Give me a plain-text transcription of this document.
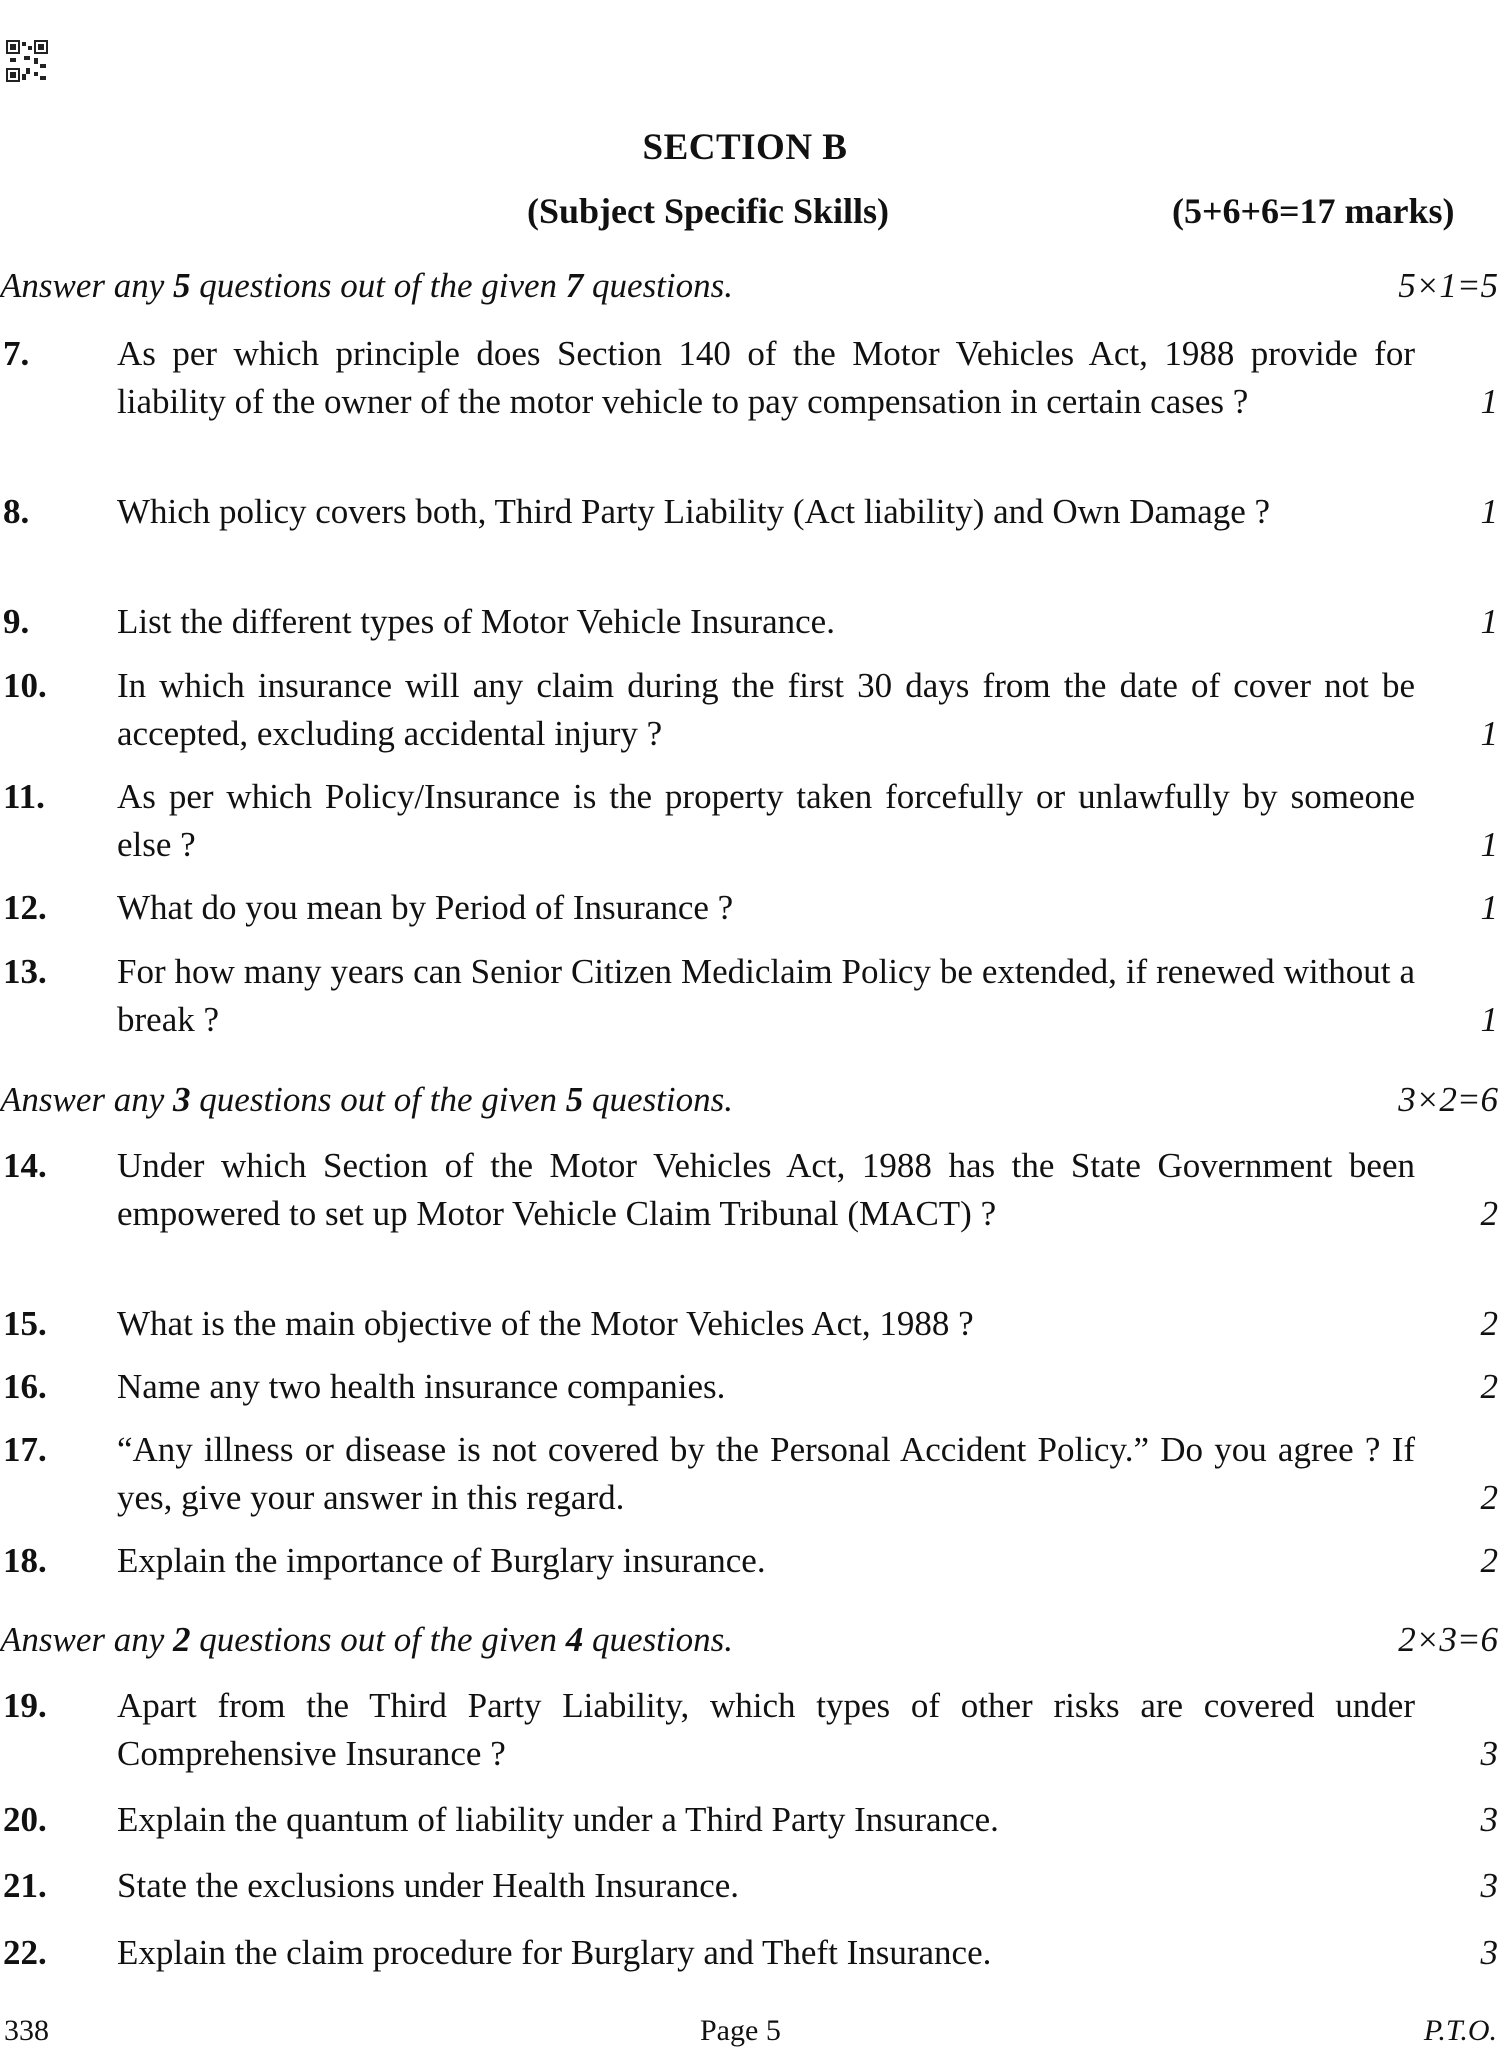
SECTION B
(Subject Specific Skills)	(5+6+6=17 marks)
Answer any 5 questions out of the given 7 questions.	5×1=5
7.	As per which principle does Section 140 of the Motor Vehicles Act, 1988 provide for liability of the owner of the motor vehicle to pay compensation in certain cases ?	1
8.	Which policy covers both, Third Party Liability (Act liability) and Own Damage ?	1
9.	List the different types of Motor Vehicle Insurance.	1
10. In which insurance will any claim during the first 30 days from the date of cover not be accepted, excluding accidental injury ?	1
11. As per which Policy/Insurance is the property taken forcefully or unlawfully by someone else ?	1
12. What do you mean by Period of Insurance ?	1
13. For how many years can Senior Citizen Mediclaim Policy be extended, if renewed without a break ?	1
Answer any 3 questions out of the given 5 questions.	3×2=6
14. Under which Section of the Motor Vehicles Act, 1988 has the State Government been empowered to set up Motor Vehicle Claim Tribunal (MACT) ?	2
15. What is the main objective of the Motor Vehicles Act, 1988 ?	2
16. Name any two health insurance companies.	2
17. “Any illness or disease is not covered by the Personal Accident Policy.” Do you agree ? If yes, give your answer in this regard.	2
18. Explain the importance of Burglary insurance.	2
Answer any 2 questions out of the given 4 questions.	2×3=6
19. Apart from the Third Party Liability, which types of other risks are covered under Comprehensive Insurance ?	3
20. Explain the quantum of liability under a Third Party Insurance.	3
21. State the exclusions under Health Insurance.	3
22. Explain the claim procedure for Burglary and Theft Insurance.	3
338	Page 5	P.T.O.
